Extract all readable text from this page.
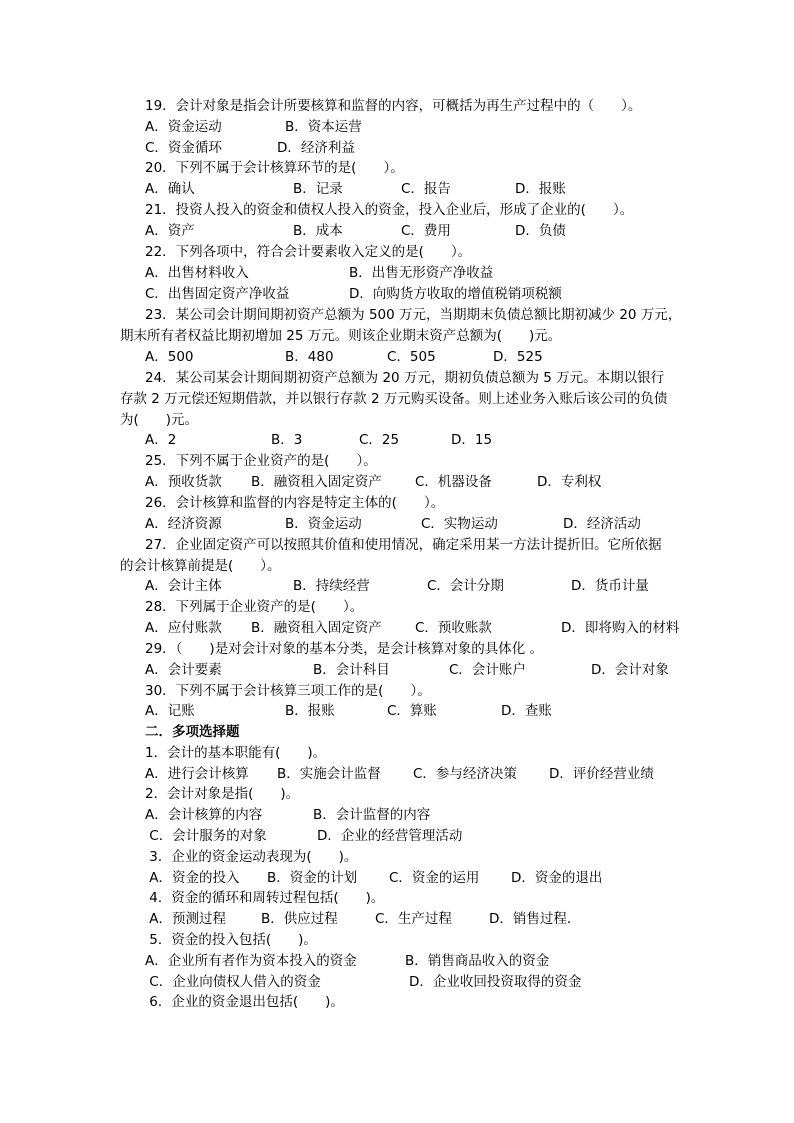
19．会计对象是指会计所要核算和监督的内容，可概括为再生产过程中的（　　）。

A．资金运动

	B．资本运营

C．资金循环

	D．经济利益

20．下列不属于会计核算环节的是(　　）。

A．确认

	B．记录

	C．报告

	D．报账

21．投资人投入的资金和债权人投入的资金，投入企业后，形成了企业的(　　）。

A．资产

	B．成本

	C．费用

	D．负债

22．下列各项中，符合会计要素收入定义的是(　　）。

A．出售材料收入

	B．出售无形资产净收益

C．出售固定资产净收益

	D．向购货方收取的增值税销项税额

23．某公司会计期间期初资产总额为 500 万元，当期期末负债总额比期初减少 20 万元，
期末所有者权益比期初增加 25 万元。则该企业期末资产总额为(　　)元。

A．500

	B．480

	C．505

	D．525

24．某公司某会计期间期初资产总额为 20 万元，期初负债总额为 5 万元。本期以银行
存款 2 万元偿还短期借款，并以银行存款 2 万元购买设备。则上述业务入账后该公司的负债
为(　　)元。

A．2

	B．3

	C．25

	D．15

25．下列不属于企业资产的是(　　）。

A．预收货款

B．融资租入固定资产

C．机器设备

	D．专利权

26．会计核算和监督的内容是特定主体的(　　）。

A．经济资源

	B．资金运动

	C．实物运动

	D．经济活动

27．企业固定资产可以按照其价值和使用情况，确定采用某一方法计提折旧。它所依据
的会计核算前提是(　　）。

A．会计主体

	B．持续经营

	C．会计分期

	D．货币计量

28．下列属于企业资产的是(　　）。

A．应付账款

B．融资租入固定资产

C．预收账款

	D．即将购入的材料

29．（　　)是对会计对象的基本分类，是会计核算对象的具体化 。

A．会计要素

	B．会计科目

	C．会计账户

	D．会计对象

30．下列不属于会计核算三项工作的是(　　）。

A．记账

	B．报账

	C．算账

	D．查账

二．多项选择题
1．会计的基本职能有(　　)。

A．进行会计核算

B．实施会计监督

C．参与经济决策

D．评价经营业绩

2．会计对象是指(　　)。

A．会计核算的内容

	B．会计监督的内容

C．会计服务的对象

	D．企业的经营管理活动

3．企业的资金运动表现为(　　)。

A．资金的投入

B．资金的计划

C．资金的运用

D．资金的退出

4．资金的循环和周转过程包括(　　)。

A．预测过程

	B．供应过程

	C．生产过程

	D．销售过程．

5．资金的投入包括(　　)。

A．企业所有者作为资本投入的资金

	B．销售商品收入的资金

C．企业向债权人借入的资金

	D．企业收回投资取得的资金

6．企业的资金退出包括(　　)。
